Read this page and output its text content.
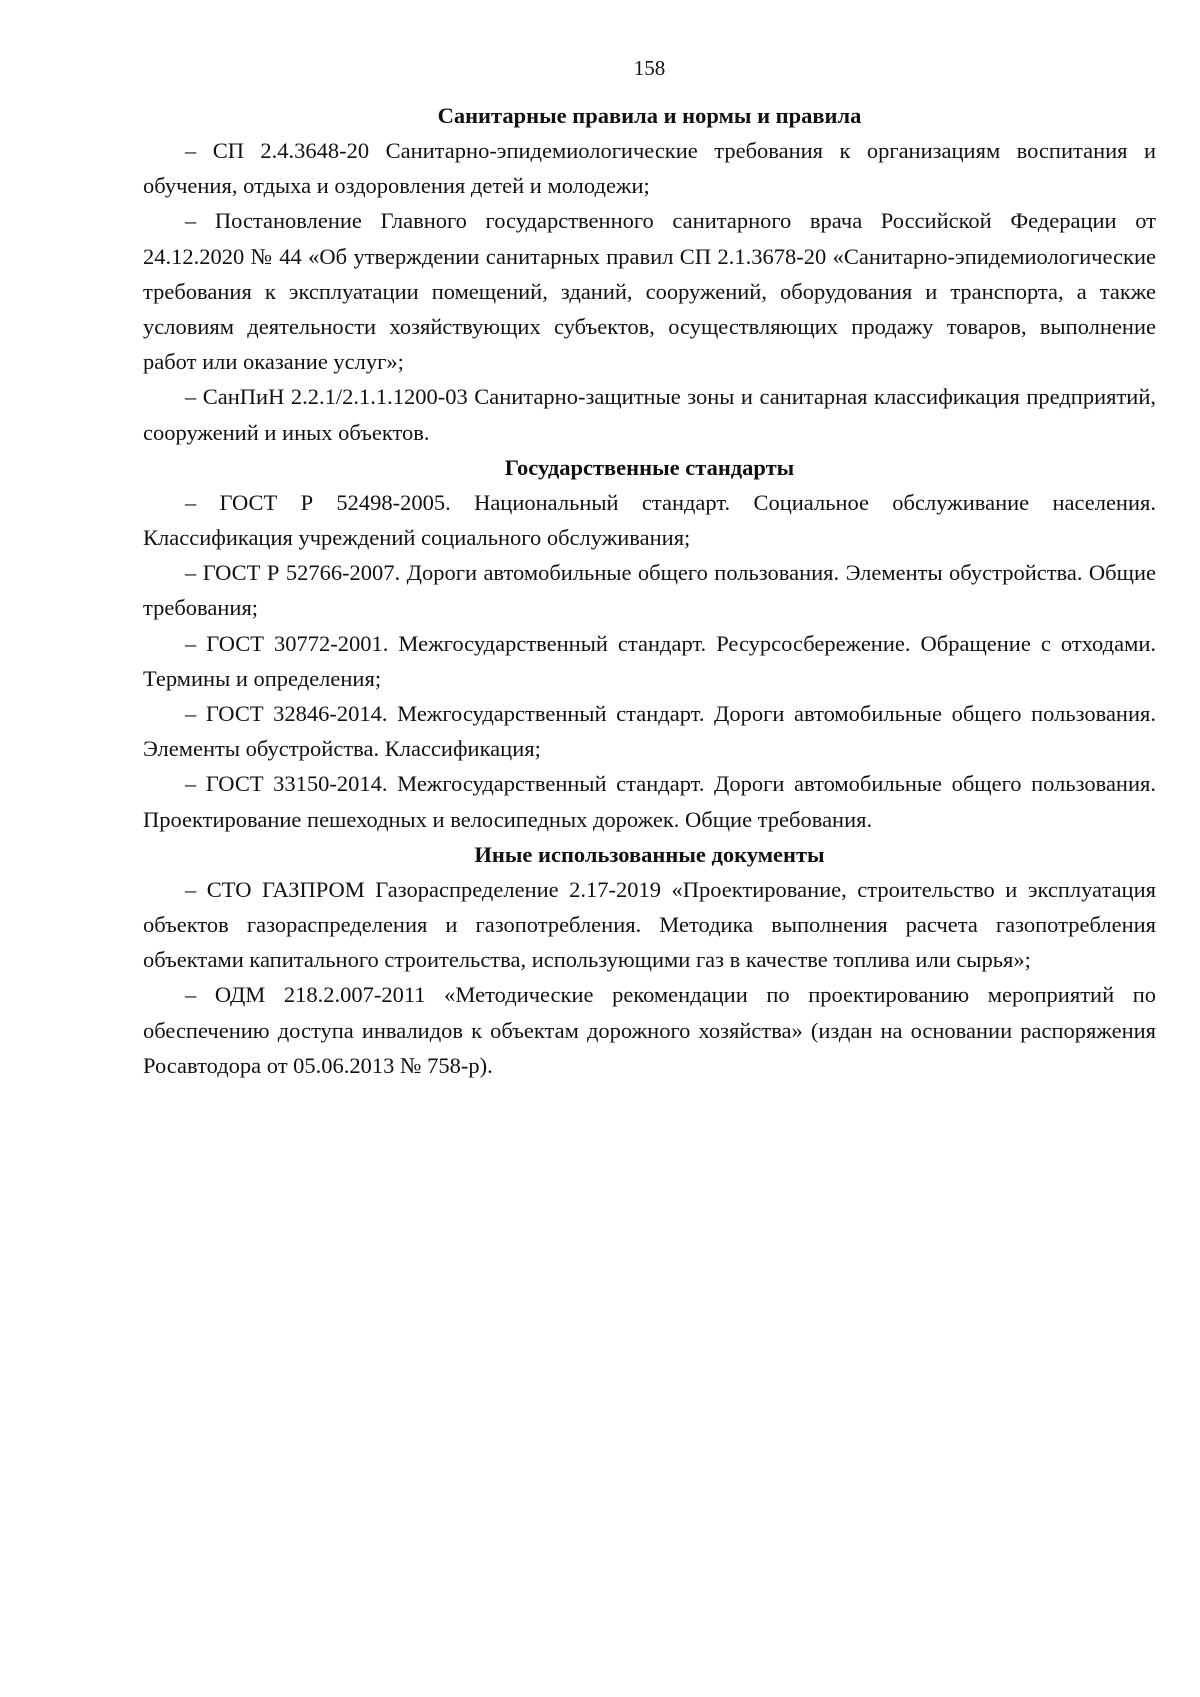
158

Санитарные правила и нормы и правила

– СП 2.4.3648-20 Санитарно-эпидемиологические требования к организациям воспитания и обучения, отдыха и оздоровления детей и молодежи;

– Постановление Главного государственного санитарного врача Российской Федерации от 24.12.2020 № 44 «Об утверждении санитарных правил СП 2.1.3678-20 «Санитарно-эпидемиологические требования к эксплуатации помещений, зданий, сооружений, оборудования и транспорта, а также условиям деятельности хозяйствующих субъектов, осуществляющих продажу товаров, выполнение работ или оказание услуг»;

– СанПиН 2.2.1/2.1.1.1200-03 Санитарно-защитные зоны и санитарная классификация предприятий, сооружений и иных объектов.

Государственные стандарты

– ГОСТ Р 52498-2005. Национальный стандарт. Социальное обслуживание населения. Классификация учреждений социального обслуживания;

– ГОСТ Р 52766-2007. Дороги автомобильные общего пользования. Элементы обустройства. Общие требования;

– ГОСТ 30772-2001. Межгосударственный стандарт. Ресурсосбережение. Обращение с отходами. Термины и определения;

– ГОСТ 32846-2014. Межгосударственный стандарт. Дороги автомобильные общего пользования. Элементы обустройства. Классификация;

– ГОСТ 33150-2014. Межгосударственный стандарт. Дороги автомобильные общего пользования. Проектирование пешеходных и велосипедных дорожек. Общие требования.

Иные использованные документы

– СТО ГАЗПРОМ Газораспределение 2.17-2019 «Проектирование, строительство и эксплуатация объектов газораспределения и газопотребления. Методика выполнения расчета газопотребления объектами капитального строительства, использующими газ в качестве топлива или сырья»;

– ОДМ 218.2.007-2011 «Методические рекомендации по проектированию мероприятий по обеспечению доступа инвалидов к объектам дорожного хозяйства» (издан на основании распоряжения Росавтодора от 05.06.2013 № 758-р).
